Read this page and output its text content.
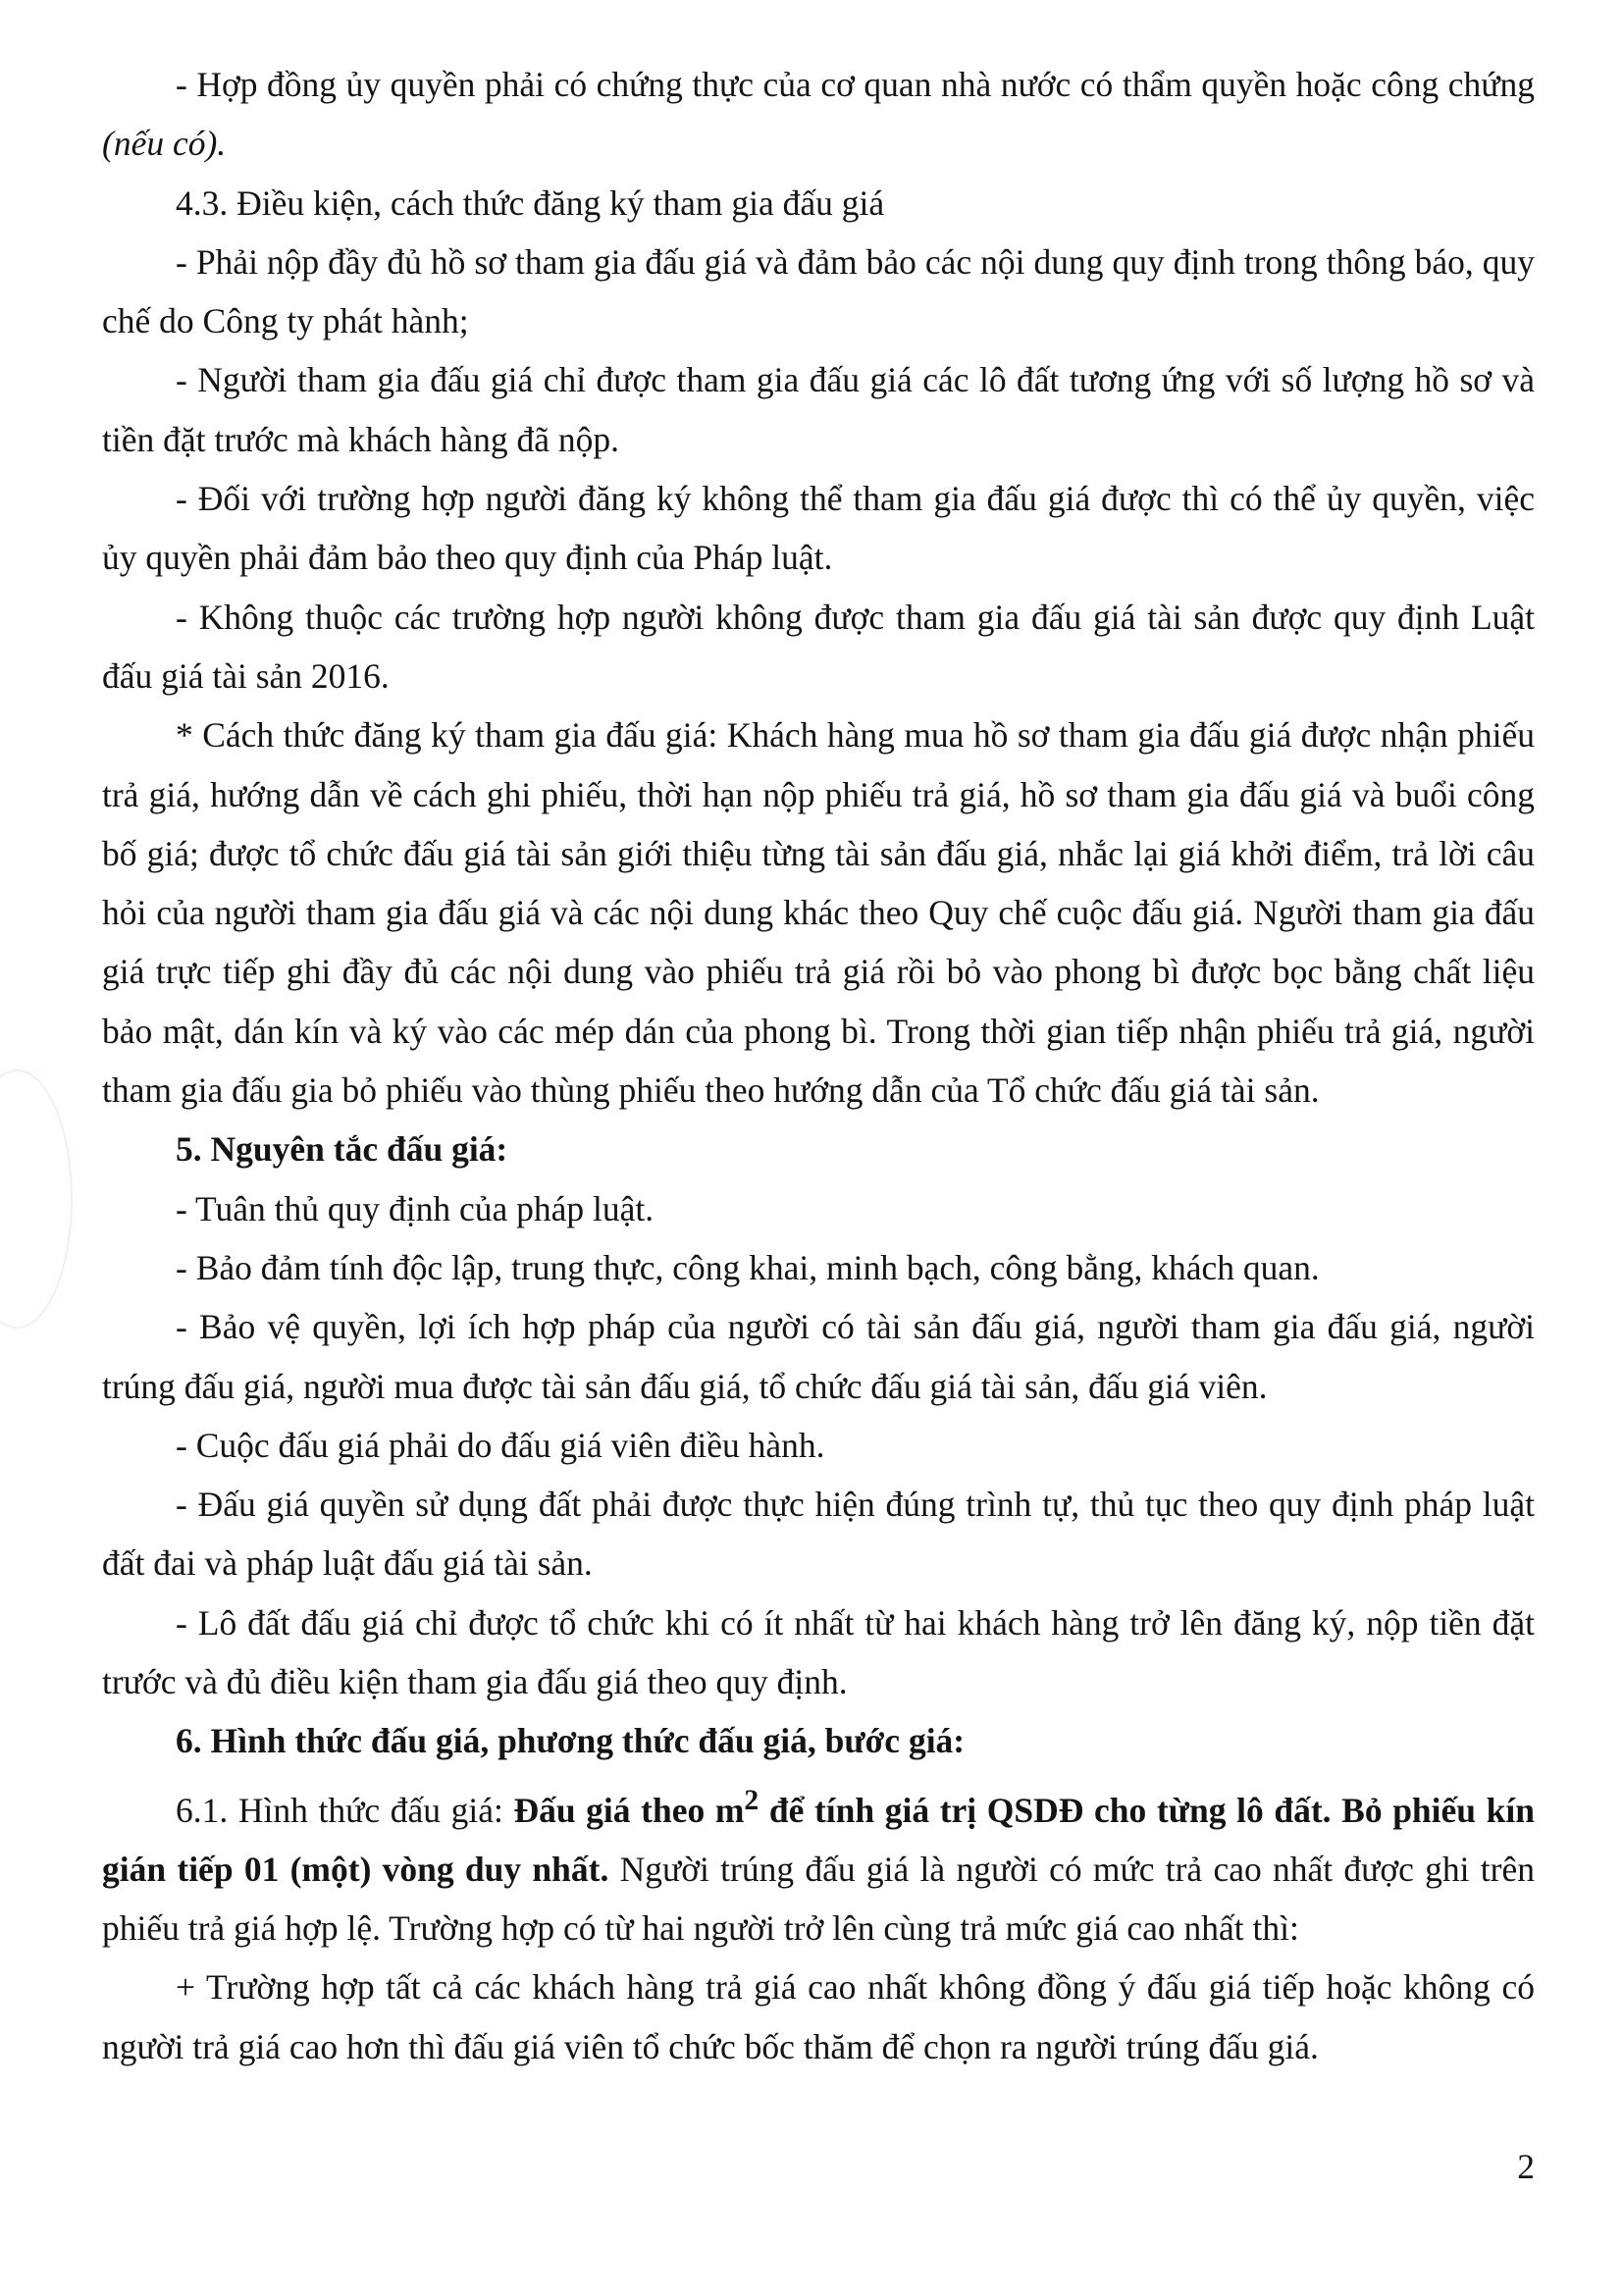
- Hợp đồng ủy quyền phải có chứng thực của cơ quan nhà nước có thẩm quyền hoặc công chứng (nếu có).

4.3. Điều kiện, cách thức đăng ký tham gia đấu giá

- Phải nộp đầy đủ hồ sơ tham gia đấu giá và đảm bảo các nội dung quy định trong thông báo, quy chế do Công ty phát hành;

- Người tham gia đấu giá chỉ được tham gia đấu giá các lô đất tương ứng với số lượng hồ sơ và tiền đặt trước mà khách hàng đã nộp.

- Đối với trường hợp người đăng ký không thể tham gia đấu giá được thì có thể ủy quyền, việc ủy quyền phải đảm bảo theo quy định của Pháp luật.

- Không thuộc các trường hợp người không được tham gia đấu giá tài sản được quy định Luật đấu giá tài sản 2016.

* Cách thức đăng ký tham gia đấu giá: Khách hàng mua hồ sơ tham gia đấu giá được nhận phiếu trả giá, hướng dẫn về cách ghi phiếu, thời hạn nộp phiếu trả giá, hồ sơ tham gia đấu giá và buổi công bố giá; được tổ chức đấu giá tài sản giới thiệu từng tài sản đấu giá, nhắc lại giá khởi điểm, trả lời câu hỏi của người tham gia đấu giá và các nội dung khác theo Quy chế cuộc đấu giá. Người tham gia đấu giá trực tiếp ghi đầy đủ các nội dung vào phiếu trả giá rồi bỏ vào phong bì được bọc bằng chất liệu bảo mật, dán kín và ký vào các mép dán của phong bì. Trong thời gian tiếp nhận phiếu trả giá, người tham gia đấu gia bỏ phiếu vào thùng phiếu theo hướng dẫn của Tổ chức đấu giá tài sản.

5. Nguyên tắc đấu giá:

- Tuân thủ quy định của pháp luật.

- Bảo đảm tính độc lập, trung thực, công khai, minh bạch, công bằng, khách quan.

- Bảo vệ quyền, lợi ích hợp pháp của người có tài sản đấu giá, người tham gia đấu giá, người trúng đấu giá, người mua được tài sản đấu giá, tổ chức đấu giá tài sản, đấu giá viên.

- Cuộc đấu giá phải do đấu giá viên điều hành.

- Đấu giá quyền sử dụng đất phải được thực hiện đúng trình tự, thủ tục theo quy định pháp luật đất đai và pháp luật đấu giá tài sản.

- Lô đất đấu giá chỉ được tổ chức khi có ít nhất từ hai khách hàng trở lên đăng ký, nộp tiền đặt trước và đủ điều kiện tham gia đấu giá theo quy định.

6. Hình thức đấu giá, phương thức đấu giá, bước giá:

6.1. Hình thức đấu giá: Đấu giá theo $m^2$ để tính giá trị QSDĐ cho từng lô đất. Bỏ phiếu kín gián tiếp 01 (một) vòng duy nhất. Người trúng đấu giá là người có mức trả cao nhất được ghi trên phiếu trả giá hợp lệ. Trường hợp có từ hai người trở lên cùng trả mức giá cao nhất thì:

+ Trường hợp tất cả các khách hàng trả giá cao nhất không đồng ý đấu giá tiếp hoặc không có người trả giá cao hơn thì đấu giá viên tổ chức bốc thăm để chọn ra người trúng đấu giá.

2
